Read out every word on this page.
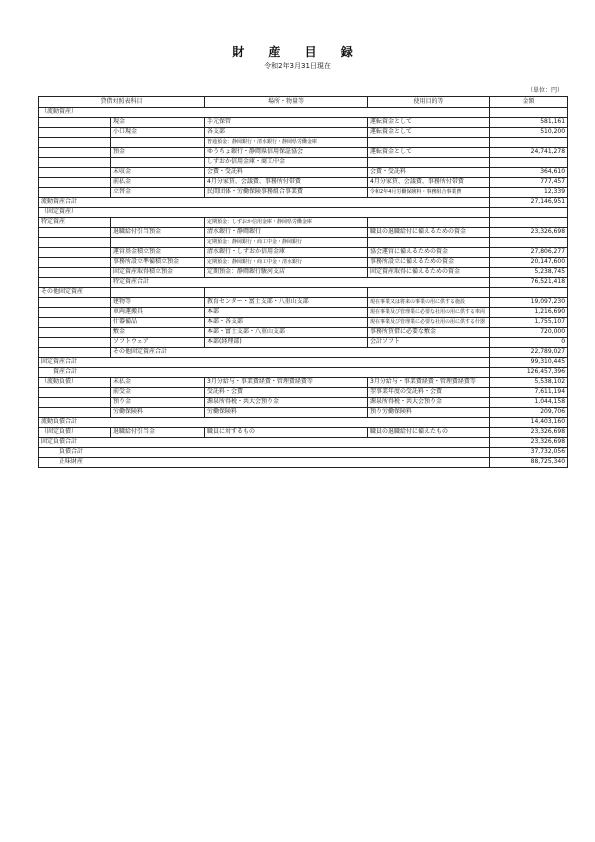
財 産 目 録
令和2年3月31日現在
（単位：円）
貸借対照表科目		場所・物量等	使用目的等	金額
（流動資産）				
	現金	手元保管	運転資金として	581,161
	小口現金	各支部	運転資金として	510,200
		普通預金：静岡銀行・清水銀行・静岡県労働金庫		
	預金	ゆうちょ銀行・静岡県信用保証協会	運転資金として	24,741,278
		しずおか信用金庫・商工中金		
	未収金	会費・受託料	会費・受託料	364,610
	前払金	4月分家賃、会議費、事務所付帯費	4月分家賃、会議費、事務所付帯費	777,457
	立替金	民間団体・労働保険事務組合事業費	令和2年4月労働保険料・事務組合事業費	12,339
流動資産合計				27,146,951
（固定資産）				
特定資産		定期預金：しずおか信用金庫・静岡県労働金庫		
	退職給付引当預金	清水銀行・静岡銀行	職員の退職給付に備えるための資金	23,326,698
		定期預金：静岡銀行・商工中金・静岡銀行		
	運営基金積立預金	清水銀行・しずおか信用金庫	協会運営に備えるための資金	27,806,277
	事務所設立準備積立預金	定期預金：静岡銀行・商工中金・清水銀行	事務所設立に備えるための資金	20,147,600
	固定資産取得積立預金	定期預金：静岡銀行駿河支店	固定資産取得に備えるための資金	5,238,745
	特定資産合計			76,521,418
その他固定資産				
	建物等	教育センター・富士支部・八重山支部	現在事業又は将来の事業の用に供する施設	19,097,230
	車両運搬具	本部	現在事業及び管理業に必要な社用の用に供する車両	1,216,690
	什器備品	本部・各支部	現在事業及び管理業に必要な社用の用に供する什器	1,755,107
	敷金	本部・富士支部・八重山支部	事務所賃借に必要な敷金	720,000
	ソフトウェア	本部(経理部)	会計ソフト	0
	その他固定資産合計			22,789,027
固定資産合計				99,310,445
　　資産合計				126,457,396
（流動負債）	未払金	3月分給与・事業費経費・管理費経費等	3月分給与・事業費経費・管理費経費等	5,538,102
	前受金	受託料・会費	翌事業年度の受託料・会費	7,611,194
	預り金	源泉所得税・共大会預り金	源泉所得税・共大会預り金	1,044,158
	労働保険料	労働保険料	預り労働保険料	209,706
流動負債合計				14,403,160
（固定負債）	退職給付引当金	職員に対するもの	職員の退職給付に備えたもの	23,326,698
固定負債合計				23,326,698
　　　負債合計				37,732,056
　　　正味財産				88,725,340
